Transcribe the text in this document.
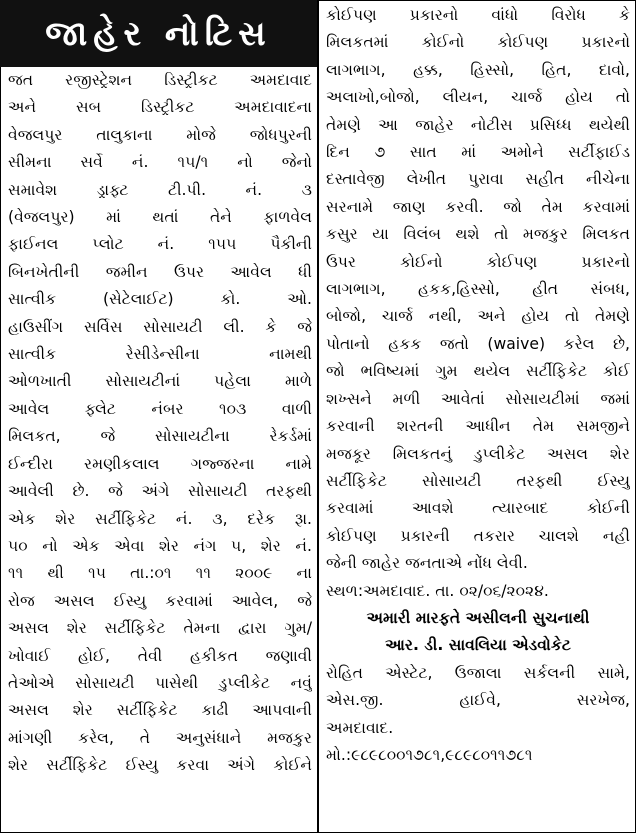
જાહેર નોટિસ
જત રજીસ્ટ્રેશન ડિસ્ટ્રીકટ અમદાવાદ
અને સબ ડિસ્ટ્રીકટ અમદાવાદના
વેજલપુર તાલુકાના મોજે જોધપુરની
સીમના સર્વે નં. ૧૫/૧ નો જેનો
સમાવેશ ડ્રાફ્ટ ટી.પી. નં. ૩
(વેજલપુર) માં થતાં તેને ફાળવેલ
ફાઈનલ પ્લોટ નં. ૧૫૫ પૈકીની
બિનખેતીની જમીન ઉપર આવેલ ધી
સાત્વીક (સેટેલાઈટ) કો. ઓ.
હાઉસીંગ સર્વિસ સોસાયટી લી. કે જે
સાત્વીક રેસીડેન્સીના નામથી
ઓળખાતી સોસાયટીનાં પહેલા માળે
આવેલ ફ્લેટ નંબર ૧૦૩ વાળી
મિલકત, જે સોસાયટીના રેકર્ડમાં
ઈન્દીરા રમણીકલાલ ગજ્જરના નામે
આવેલી છે. જે અંગે સોસાયટી તરફથી
એક શેર સર્ટીફિકેટ નં. ૩, દરેક રૂા.
૫૦ નો એક એવા શેર નંગ ૫, શેર નં.
૧૧ થી ૧૫ તા.:૦૧ ૧૧ ૨૦૦૯ ના
રોજ અસલ ઈસ્યુ કરવામાં આવેલ, જે
અસલ શેર સર્ટીફિકેટ તેમના દ્વારા ગુમ/
ખોવાઈ હોઈ, તેવી હકીકત જણાવી
તેઓએ સોસાયટી પાસેથી ડુપ્લીકેટ નવું
અસલ શેર સર્ટીફિકેટ કાઢી આપવાની
માંગણી કરેલ, તે અનુસંધાને મજકુર
શેર સર્ટીફિકેટ ઈસ્યુ કરવા અંગે કોઈને
કોઈપણ પ્રકારનો વાંધો વિરોધ કે
મિલકતમાં કોઈનો કોઈપણ પ્રકારનો
લાગભાગ, હક્ક, હિસ્સો, હિત, દાવો,
અલાખો,બોજો, લીયન, ચાર્જ હોય તો
તેમણે આ જાહેર નોટીસ પ્રસિધ્ધ થયેથી
દિન ૭ સાત માં અમોને સર્ટીફાઈડ
દસ્તાવેજી લેખીત પુરાવા સહીત નીચેના
સરનામે જાણ કરવી. જો તેમ કરવામાં
કસુર યા વિલંબ થશે તો મજકુર મિલકત
ઉપર કોઈનો કોઈપણ પ્રકારનો
લાગભાગ, હકક,હિસ્સો, હીત સંબધ,
બોજો, ચાર્જ નથી, અને હોય તો તેમણે
પોતાનો હકક જતો (waive) કરેલ છે,
જો ભવિષ્યમાં ગુમ થયેલ સર્ટીફિકેટ કોઈ
શખ્સને મળી આવેતાં સોસાયટીમાં જમાં
કરવાની શરતની આધીન તેમ સમજીને
મજકૂર મિલકતનું ડુપ્લીકેટ અસલ શેર
સર્ટીફિકેટ સોસાયટી તરફથી ઈસ્યુ
કરવામાં આવશે ત્યારબાદ કોઈની
કોઈપણ પ્રકારની તકરાર ચાલશે નહી
જેની જાહેર જનતાએ નોંધ લેવી.
સ્થળ:અમદાવાદ. તા. ૦૨/૦૬/૨૦૨૪.
અમારી મારફતે અસીલની સુચનાથી
આર. ડી. સાવલિયા એડવોકેટ
રોહિત એસ્ટેટ, ઉજાલા સર્કલની સામે,
એસ.જી. હાઈવે, સરખેજ,
અમદાવાદ.
મો.:૯૮૯૮૦૦૧૭૮૧,૯૮૯૮૦૧૧૭૮૧
